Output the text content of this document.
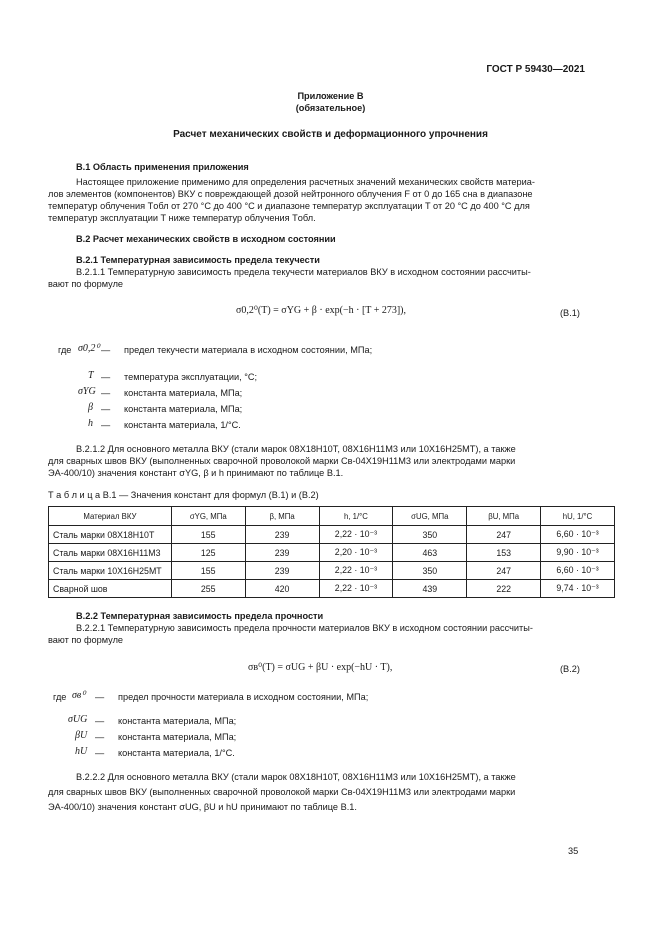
ГОСТ Р 59430—2021
Приложение В
(обязательное)
Расчет механических свойств и деформационного упрочнения
В.1 Область применения приложения
Настоящее приложение применимо для определения расчетных значений механических свойств материа-
лов элементов (компонентов) ВКУ с повреждающей дозой нейтронного облучения F от 0 до 165 сна в диапазоне
температур облучения Tобл от 270 °С до 400 °С и диапазоне температур эксплуатации T от 20 °С до 400 °С для
температур эксплуатации T ниже температур облучения Tобл.
В.2 Расчет механических свойств в исходном состоянии
В.2.1 Температурная зависимость предела текучести
В.2.1.1 Температурную зависимость предела текучести материалов ВКУ в исходном состоянии рассчиты-
вают по формуле
σ0,2⁰(T) = σYG + β · exp(−h · [T + 273]),	(В.1)
где σ0,2⁰ — предел текучести материала в исходном состоянии, МПа;
T — температура эксплуатации, °С;
σYG — константа материала, МПа;
β — константа материала, МПа;
h — константа материала, 1/°С.
В.2.1.2 Для основного металла ВКУ (стали марок 08Х18Н10Т, 08Х16Н11М3 или 10Х16Н25МТ), а также
для сварных швов ВКУ (выполненных сварочной проволокой марки Св-04Х19Н11М3 или электродами марки
ЭА-400/10) значения констант σYG, β и h принимают по таблице В.1.
Т а б л и ц а В.1 — Значения констант для формул (В.1) и (В.2)
Материал ВКУ	σYG, МПа	β, МПа	h, 1/°С	σUG, МПа	βU, МПа	hU, 1/°С
Сталь марки 08Х18Н10Т	155	239	2,22 · 10⁻³	350	247	6,60 · 10⁻³
Сталь марки 08Х16Н11М3	125	239	2,20 · 10⁻³	463	153	9,90 · 10⁻³
Сталь марки 10Х16Н25МТ	155	239	2,22 · 10⁻³	350	247	6,60 · 10⁻³
Сварной шов	255	420	2,22 · 10⁻³	439	222	9,74 · 10⁻³
В.2.2 Температурная зависимость предела прочности
В.2.2.1 Температурную зависимость предела прочности материалов ВКУ в исходном состоянии рассчиты-
вают по формуле
σв⁰(T) = σUG + βU · exp(−hU · T),	(В.2)
где σв⁰ — предел прочности материала в исходном состоянии, МПа;
σUG — константа материала, МПа;
βU — константа материала, МПа;
hU — константа материала, 1/°С.
В.2.2.2 Для основного металла ВКУ (стали марок 08Х18Н10Т, 08Х16Н11М3 или 10Х16Н25МТ), а также
для сварных швов ВКУ (выполненных сварочной проволокой марки Св-04Х19Н11М3 или электродами марки
ЭА-400/10) значения констант σUG, βU и hU принимают по таблице В.1.
35
